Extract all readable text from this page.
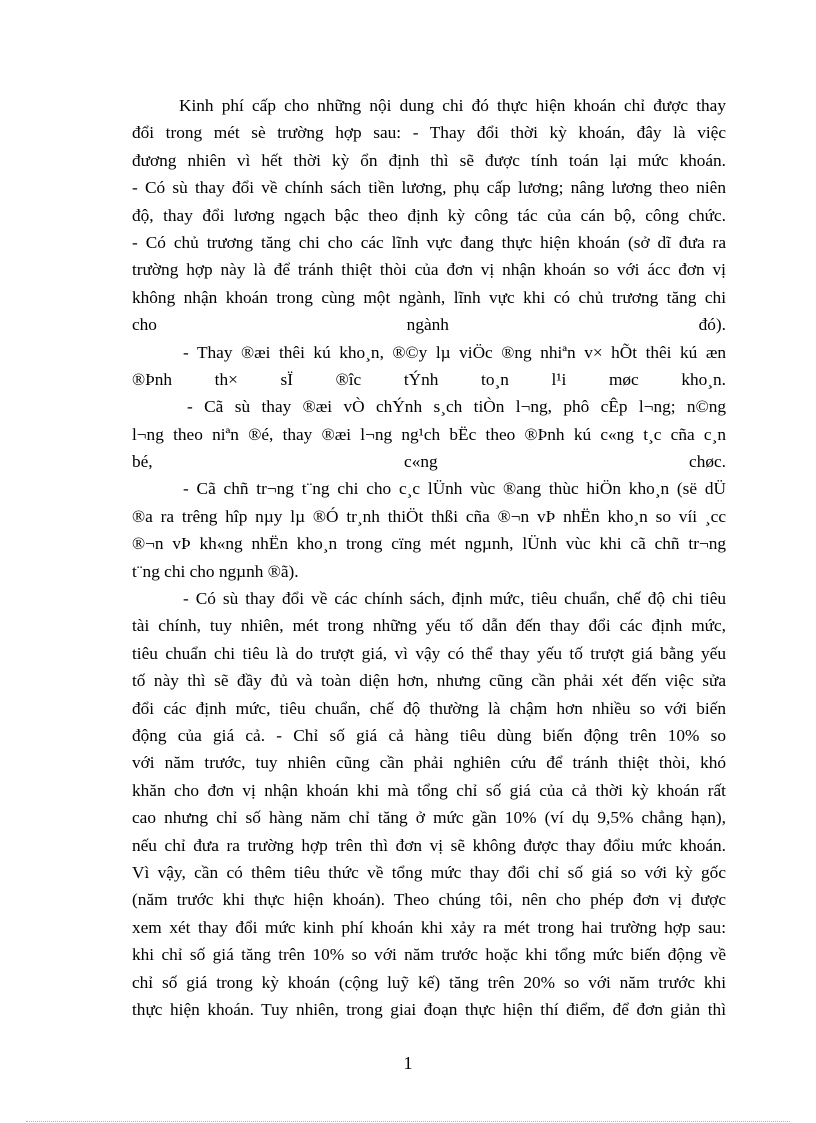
Kinh phí cấp cho những nội dung chi đó thực hiện khoán chỉ được thay
đổi trong mét sè trường hợp sau: - Thay đổi thời kỳ khoán, đây là việc
đương nhiên vì hết thời kỳ ổn định thì sẽ được tính toán lại mức khoán.
- Có sù thay đổi về chính sách tiền lương, phụ cấp lương; nâng lương theo niên
độ, thay đổi lương ngạch bậc theo định kỳ công tác của cán bộ, công chức.
- Có chủ trương tăng chi cho các lĩnh vực đang thực hiện khoán (sở dĩ đưa ra
trường hợp này là để tránh thiệt thòi của đơn vị nhận khoán so với ácc đơn vị
không nhận khoán trong cùng một ngành, lĩnh vực khi có chủ trương tăng chi
cho ngành đó).
- Thay ®æi thêi kú kho¸n, ®©y lµ viÖc ®ng nhiªn v× hÕt thêi kú æn
®Þnh th× sÏ ®îc tÝnh to¸n l¹i møc kho¸n.
- Cã sù thay ®æi vÒ chÝnh s¸ch tiÒn l¬ng, phô cÊp l¬ng; n©ng
l¬ng theo niªn ®é, thay ®æi l¬ng ng¹ch bËc theo ®Þnh kú c«ng t¸c cña c¸n
bé, c«ng chøc.
- Cã chñ tr¬ng t¨ng chi cho c¸c lÜnh vùc ®ang thùc hiÖn kho¸n (së dÜ
®a ra trêng hîp nµy lµ ®Ó tr¸nh thiÖt thßi cña ®¬n vÞ nhËn kho¸n so víi ¸cc
®¬n vÞ kh«ng nhËn kho¸n trong cïng mét ngµnh, lÜnh vùc khi cã chñ tr¬ng
t¨ng chi cho ngµnh ®ã).
- Có sù thay đổi về các chính sách, định mức, tiêu chuẩn, chế độ chi tiêu
tài chính, tuy nhiên, mét trong những yếu tố dẫn đến thay đổi các định mức,
tiêu chuẩn chi tiêu là do trượt giá, vì vậy có thể thay yếu tố trượt giá bằng yếu
tố này thì sẽ đầy đủ và toàn diện hơn, nhưng cũng cần phải xét đến việc sửa
đổi các định mức, tiêu chuẩn, chế độ thường là chậm hơn nhiều so với biến
động của giá cả. - Chỉ số giá cả hàng tiêu dùng biến động trên 10% so
với năm trước, tuy nhiên cũng cần phải nghiên cứu để tránh thiệt thòi, khó
khăn cho đơn vị nhận khoán khi mà tổng chỉ số giá của cả thời kỳ khoán rất
cao nhưng chỉ số hàng năm chỉ tăng ở mức gần 10% (ví dụ 9,5% chẳng hạn),
nếu chỉ đưa ra trường hợp trên thì đơn vị sẽ không được thay đổiu mức khoán.
Vì vậy, cần có thêm tiêu thức về tổng mức thay đổi chỉ số giá so với kỳ gốc
(năm trước khi thực hiện khoán). Theo chúng tôi, nên cho phép đơn vị được
xem xét thay đổi mức kinh phí khoán khi xảy ra mét trong hai trường hợp sau:
khi chỉ số giá tăng trên 10% so với năm trước hoặc khi tổng mức biến động về
chỉ số giá trong kỳ khoán (cộng luỹ kế) tăng trên 20% so với năm trước khi
thực hiện khoán. Tuy nhiên, trong giai đoạn thực hiện thí điểm, để đơn giản thì
1
